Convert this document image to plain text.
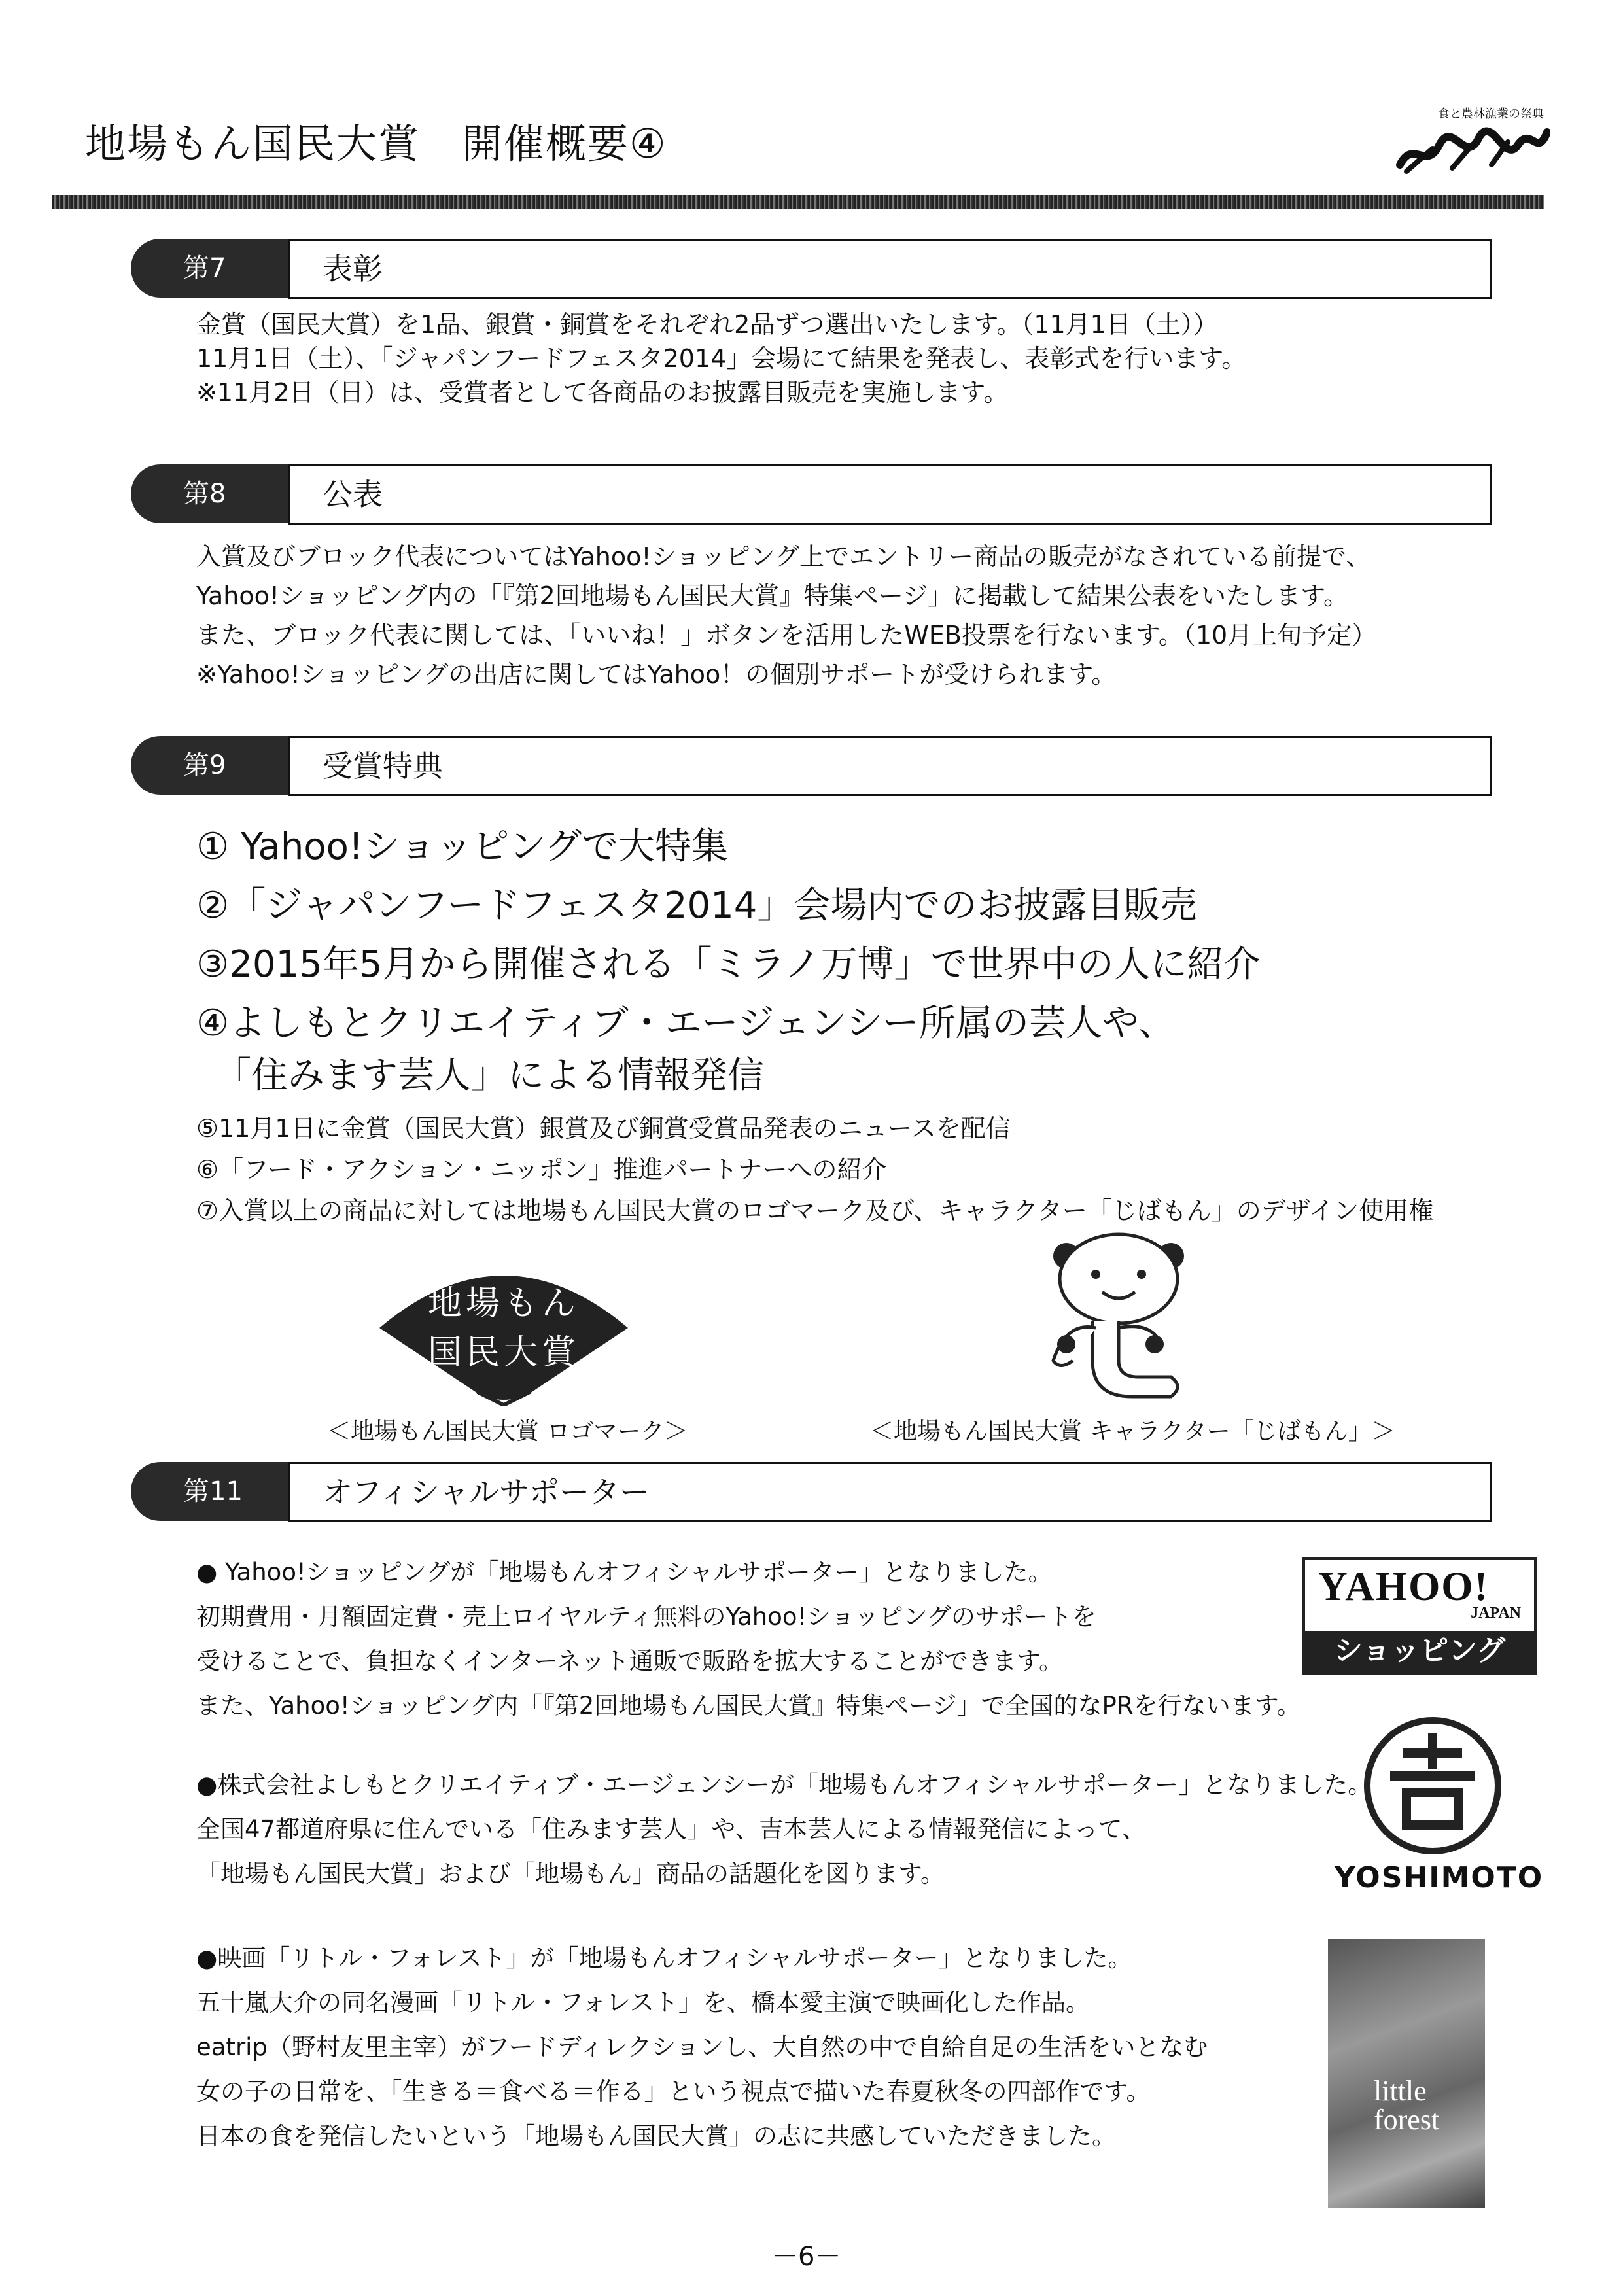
地場もん国民大賞　開催概要④
食と農林漁業の祭典
第7	表彰
金賞（国民大賞）を1品、銀賞・銅賞をそれぞれ2品ずつ選出いたします。（11月1日（土））
11月1日（土）、「ジャパンフードフェスタ2014」会場にて結果を発表し、表彰式を行います。
※11月2日（日）は、受賞者として各商品のお披露目販売を実施します。
第8	公表
入賞及びブロック代表についてはYahoo!ショッピング上でエントリー商品の販売がなされている前提で、
Yahoo!ショッピング内の「『第2回地場もん国民大賞』特集ページ」に掲載して結果公表をいたします。
また、ブロック代表に関しては、「いいね！」ボタンを活用したWEB投票を行ないます。（10月上旬予定）
※Yahoo!ショッピングの出店に関してはYahoo！の個別サポートが受けられます。
第9	受賞特典
① Yahoo!ショッピングで大特集
②「ジャパンフードフェスタ2014」会場内でのお披露目販売
③2015年5月から開催される「ミラノ万博」で世界中の人に紹介
④よしもとクリエイティブ・エージェンシー所属の芸人や、
　「住みます芸人」による情報発信
⑤11月1日に金賞（国民大賞）銀賞及び銅賞受賞品発表のニュースを配信
⑥「フード・アクション・ニッポン」推進パートナーへの紹介
⑦入賞以上の商品に対しては地場もん国民大賞のロゴマーク及び、キャラクター「じばもん」のデザイン使用権
地場もん
国民大賞
＜地場もん国民大賞 ロゴマーク＞	＜地場もん国民大賞 キャラクター「じばもん」＞
第11	オフィシャルサポーター
● Yahoo!ショッピングが「地場もんオフィシャルサポーター」となりました。
初期費用・月額固定費・売上ロイヤルティ無料のYahoo!ショッピングのサポートを
受けることで、負担なくインターネット通販で販路を拡大することができます。
また、Yahoo!ショッピング内「『第2回地場もん国民大賞』特集ページ」で全国的なPRを行ないます。
YAHOO!
JAPAN
ショッピング
●株式会社よしもとクリエイティブ・エージェンシーが「地場もんオフィシャルサポーター」となりました。
全国47都道府県に住んでいる「住みます芸人」や、吉本芸人による情報発信によって、
「地場もん国民大賞」および「地場もん」商品の話題化を図ります。	YOSHIMOTO
●映画「リトル・フォレスト」が「地場もんオフィシャルサポーター」となりました。
五十嵐大介の同名漫画「リトル・フォレスト」を、橋本愛主演で映画化した作品。
eatrip（野村友里主宰）がフードディレクションし、大自然の中で自給自足の生活をいとなむ
女の子の日常を、「生きる＝食べる＝作る」という視点で描いた春夏秋冬の四部作です。
日本の食を発信したいという「地場もん国民大賞」の志に共感していただきました。
little forest
－6－
